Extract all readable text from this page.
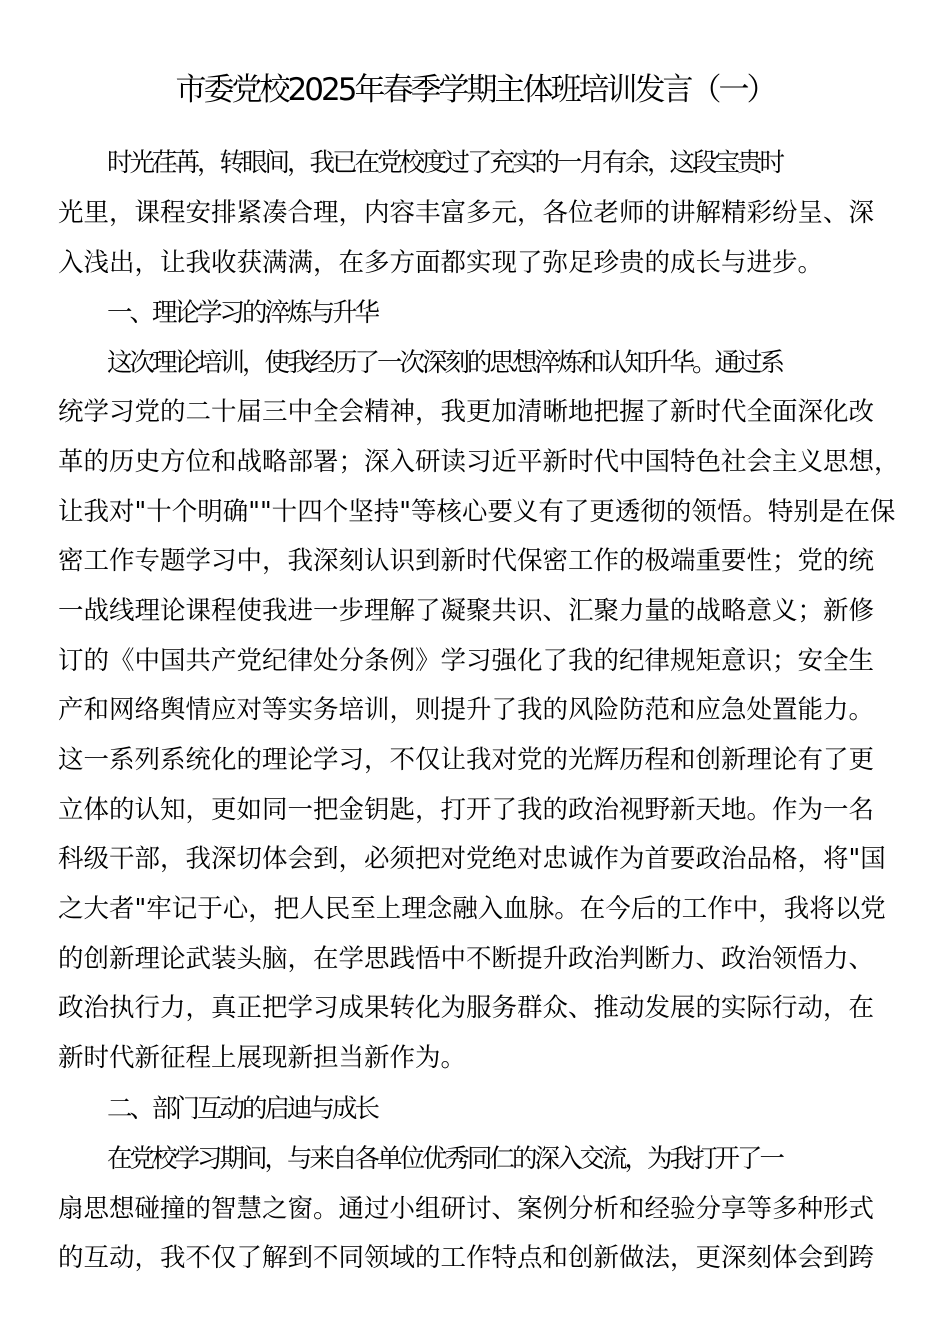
市委党校2025年春季学期主体班培训发言（一）
时光荏苒，转眼间，我已在党校度过了充实的一月有余，这段宝贵时
光里，课程安排紧凑合理，内容丰富多元，各位老师的讲解精彩纷呈、深
入浅出，让我收获满满，在多方面都实现了弥足珍贵的成长与进步。
一、理论学习的淬炼与升华
这次理论培训，使我经历了一次深刻的思想淬炼和认知升华。通过系
统学习党的二十届三中全会精神，我更加清晰地把握了新时代全面深化改
革的历史方位和战略部署；深入研读习近平新时代中国特色社会主义思想，
让我对"十个明确""十四个坚持"等核心要义有了更透彻的领悟。特别是在保
密工作专题学习中，我深刻认识到新时代保密工作的极端重要性；党的统
一战线理论课程使我进一步理解了凝聚共识、汇聚力量的战略意义；新修
订的《中国共产党纪律处分条例》学习强化了我的纪律规矩意识；安全生
产和网络舆情应对等实务培训，则提升了我的风险防范和应急处置能力。
这一系列系统化的理论学习，不仅让我对党的光辉历程和创新理论有了更
立体的认知，更如同一把金钥匙，打开了我的政治视野新天地。作为一名
科级干部，我深切体会到，必须把对党绝对忠诚作为首要政治品格，将"国
之大者"牢记于心，把人民至上理念融入血脉。在今后的工作中，我将以党
的创新理论武装头脑，在学思践悟中不断提升政治判断力、政治领悟力、
政治执行力，真正把学习成果转化为服务群众、推动发展的实际行动，在
新时代新征程上展现新担当新作为。
二、部门互动的启迪与成长
在党校学习期间，与来自各单位优秀同仁的深入交流，为我打开了一
扇思想碰撞的智慧之窗。通过小组研讨、案例分析和经验分享等多种形式
的互动，我不仅了解到不同领域的工作特点和创新做法，更深刻体会到跨
